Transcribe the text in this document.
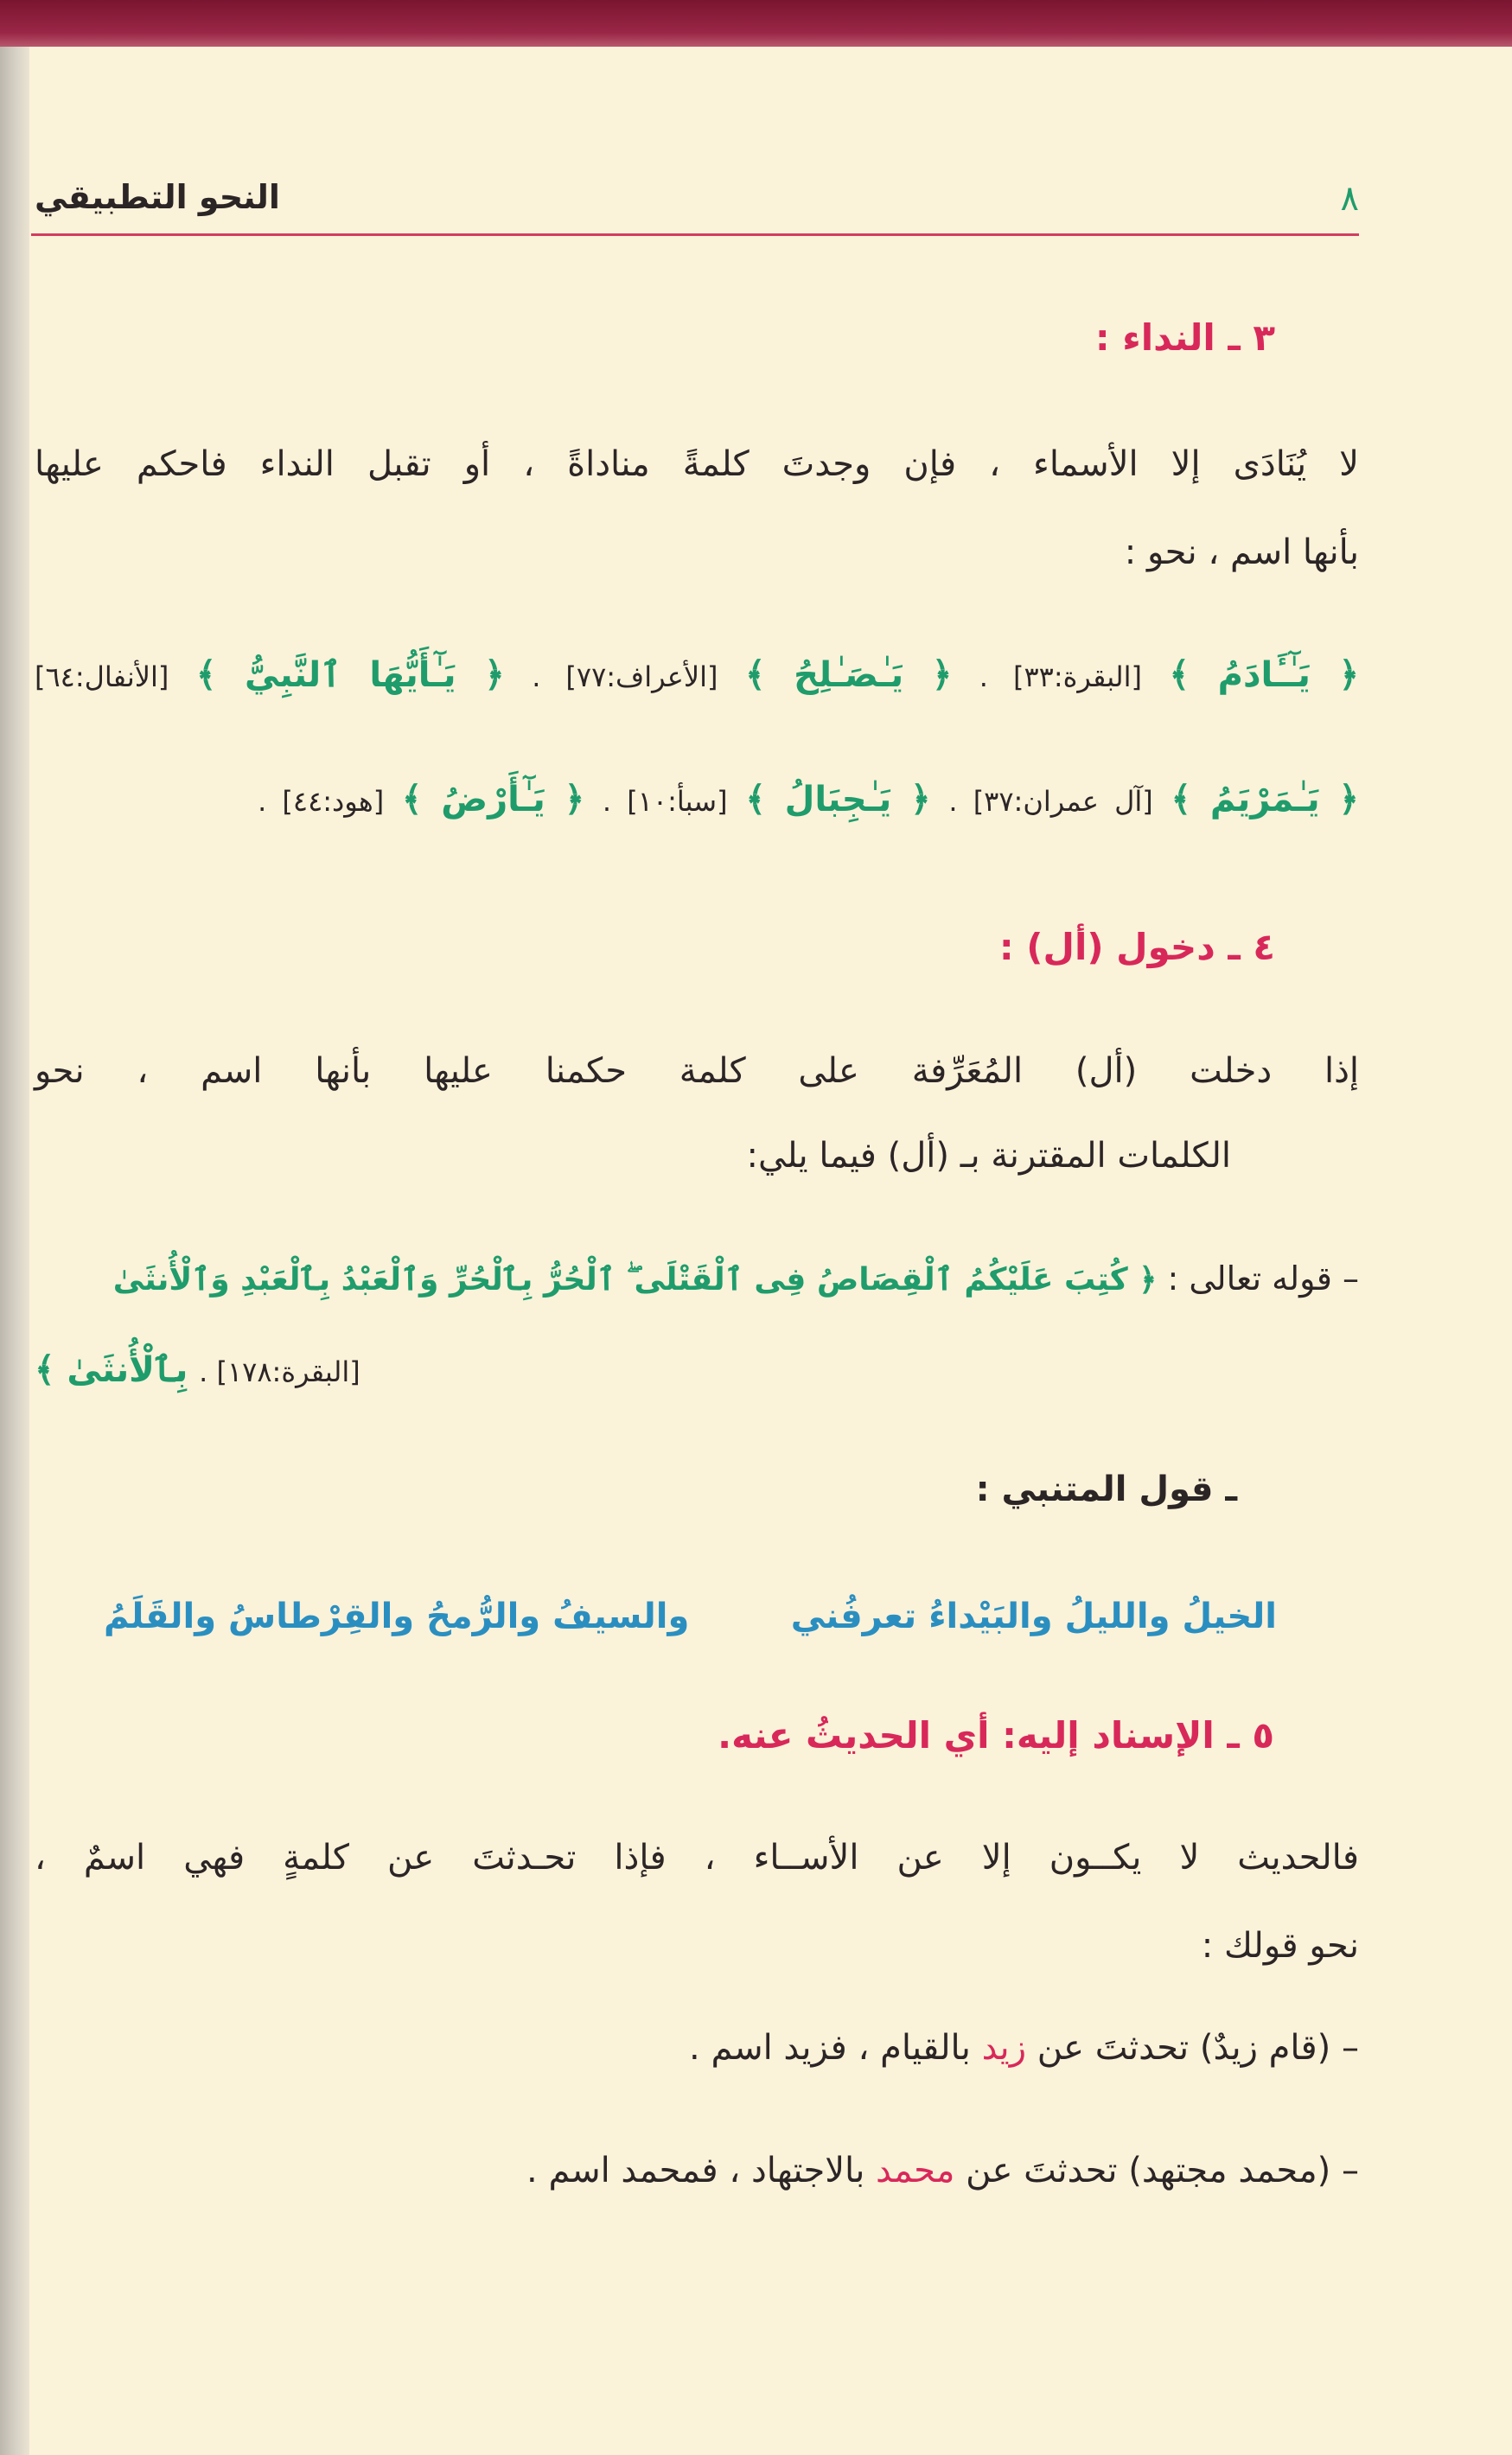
النحو التطبيقي	٨
٣ ـ النداء :
لا يُنَادَى إلا الأسماء ، فإن وجدتَ كلمةً مناداةً ، أو تقبل النداء فاحكم عليها
بأنها اسم ، نحو :
﴿ يَـٰٓـَٔادَمُ ﴾ [البقرة:٣٣] . ﴿ يَـٰصَـٰلِحُ ﴾ [الأعراف:٧٧] . ﴿ يَـٰٓأَيُّهَا ٱلنَّبِيُّ ﴾ [الأنفال:٦٤]
﴿ يَـٰمَرْيَمُ ﴾ [آل عمران:٣٧] . ﴿ يَـٰجِبَالُ ﴾ [سبأ:١٠] . ﴿ يَـٰٓأَرْضُ ﴾ [هود:٤٤] .
٤ ـ دخول (أل) :
إذا دخلت (أل) المُعَرِّفة على كلمة حكمنا عليها بأنها اسم ، نحو
الكلمات المقترنة بـ (أل) فيما يلي:
– قوله تعالى : ﴿ كُتِبَ عَلَيْكُمُ ٱلْقِصَاصُ فِى ٱلْقَتْلَى ۖ ٱلْحُرُّ بِٱلْحُرِّ وَٱلْعَبْدُ بِٱلْعَبْدِ وَٱلْأُنثَىٰ
[البقرة:١٧٨] . بِٱلْأُنثَىٰ ﴾
ـ قول المتنبي :
الخيلُ والليلُ والبَيْداءُ تعرفُني
والسيفُ والرُّمحُ والقِرْطاسُ والقَلَمُ
٥ ـ الإسناد إليه: أي الحديثُ عنه.
فالحديث لا يكــون إلا عن الأســاء ، فإذا تحـدثتَ عن كلمةٍ فهي اسمٌ ،
نحو قولك :
– (قام زيدٌ) تحدثتَ عن زيد بالقيام ، فزيد اسم .
– (محمد مجتهد) تحدثتَ عن محمد بالاجتهاد ، فمحمد اسم .
